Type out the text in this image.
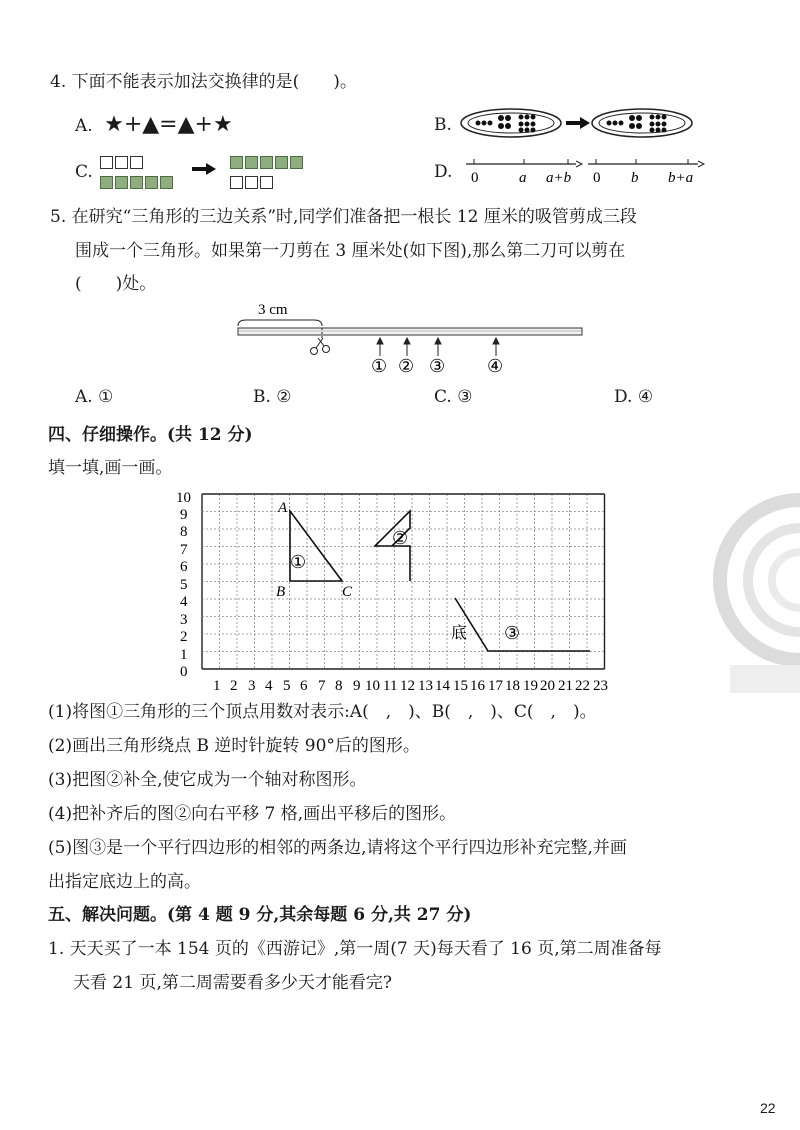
4. 下面不能表示加法交换律的是(　　)。
A. ★+▲=▲+★	B.
C.	D. 0	a a+b 0 b b+a
5. 在研究“三角形的三边关系”时,同学们准备把一根长 12 厘米的吸管剪成三段
围成一个三角形。如果第一刀剪在 3 厘米处(如下图),那么第二刀可以剪在
(　　)处。
3 cm
① ② ③ ④
A. ①	B. ②	C. ③	D. ④
四、仔细操作。(共 12 分)
填一填,画一画。
10
9
8
7
6
5
4
3
2
1
0
1 2 3 4 5 6 7 8 9 10 11 12 13 14 15 16 17 18 19 20 21 22 23
A
B	C
①
②
底 ③
(1)将图①三角形的三个顶点用数对表示:A(　,　)、B(　,　)、C(　,　)。
(2)画出三角形绕点 B 逆时针旋转 90°后的图形。
(3)把图②补全,使它成为一个轴对称图形。
(4)把补齐后的图②向右平移 7 格,画出平移后的图形。
(5)图③是一个平行四边形的相邻的两条边,请将这个平行四边形补充完整,并画
出指定底边上的高。
五、解决问题。(第 4 题 9 分,其余每题 6 分,共 27 分)
1. 天天买了一本 154 页的《西游记》,第一周(7 天)每天看了 16 页,第二周准备每
天看 21 页,第二周需要看多少天才能看完?
22
